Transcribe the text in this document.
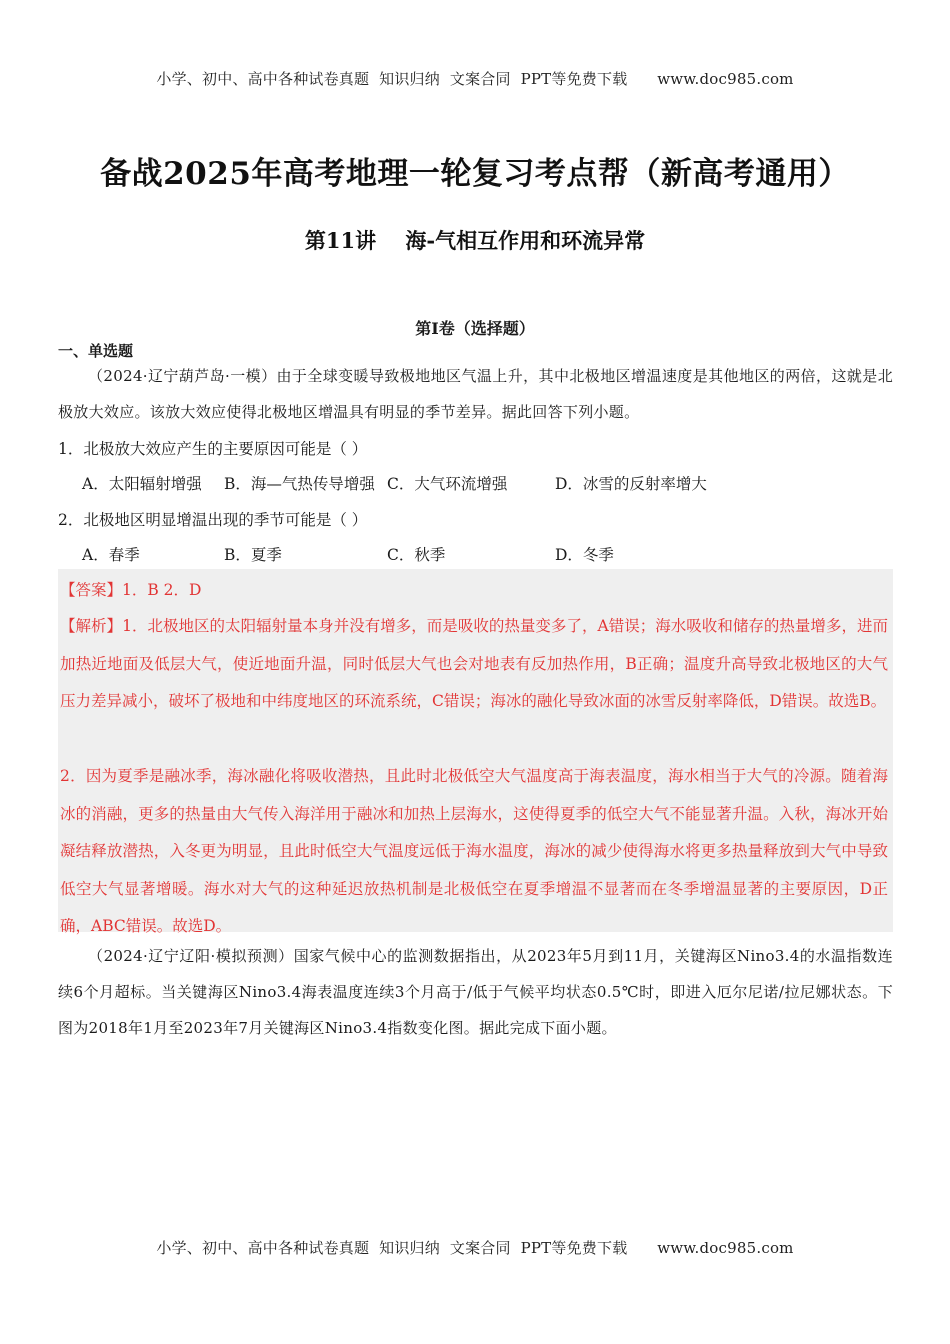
小学、初中、高中各种试卷真题  知识归纳  文案合同  PPT等免费下载      www.doc985.com
备战2025年高考地理一轮复习考点帮（新高考通用）
第11讲    海-气相互作用和环流异常
第I卷（选择题）
一、单选题
（2024·辽宁葫芦岛·一模）由于全球变暖导致极地地区气温上升，其中北极地区增温速度是其他地区的两倍，这就是北极放大效应。该放大效应使得北极地区增温具有明显的季节差异。据此回答下列小题。
1．北极放大效应产生的主要原因可能是（ ）
A．太阳辐射增强 B．海—气热传导增强 C．大气环流增强	D．冰雪的反射率增大
2．北极地区明显增温出现的季节可能是（ ）
A．春季	B．夏季	C．秋季	D．冬季
【答案】1．B 2．D
【解析】1．北极地区的太阳辐射量本身并没有增多，而是吸收的热量变多了，A错误；海水吸收和储存的热量增多，进而加热近地面及低层大气，使近地面升温，同时低层大气也会对地表有反加热作用，B正确；温度升高导致北极地区的大气压力差异减小，破坏了极地和中纬度地区的环流系统，C错误；海冰的融化导致冰面的冰雪反射率降低，D错误。故选B。
2．因为夏季是融冰季，海冰融化将吸收潜热，且此时北极低空大气温度高于海表温度，海水相当于大气的冷源。随着海冰的消融，更多的热量由大气传入海洋用于融冰和加热上层海水，这使得夏季的低空大气不能显著升温。入秋，海冰开始凝结释放潜热，入冬更为明显，且此时低空大气温度远低于海水温度，海冰的减少使得海水将更多热量释放到大气中导致低空大气显著增暖。海水对大气的这种延迟放热机制是北极低空在夏季增温不显著而在冬季增温显著的主要原因，D正确，ABC错误。故选D。
（2024·辽宁辽阳·模拟预测）国家气候中心的监测数据指出，从2023年5月到11月，关键海区Nino3.4的水温指数连续6个月超标。当关键海区Nino3.4海表温度连续3个月高于/低于气候平均状态0.5℃时，即进入厄尔尼诺/拉尼娜状态。下图为2018年1月至2023年7月关键海区Nino3.4指数变化图。据此完成下面小题。
小学、初中、高中各种试卷真题  知识归纳  文案合同  PPT等免费下载      www.doc985.com
